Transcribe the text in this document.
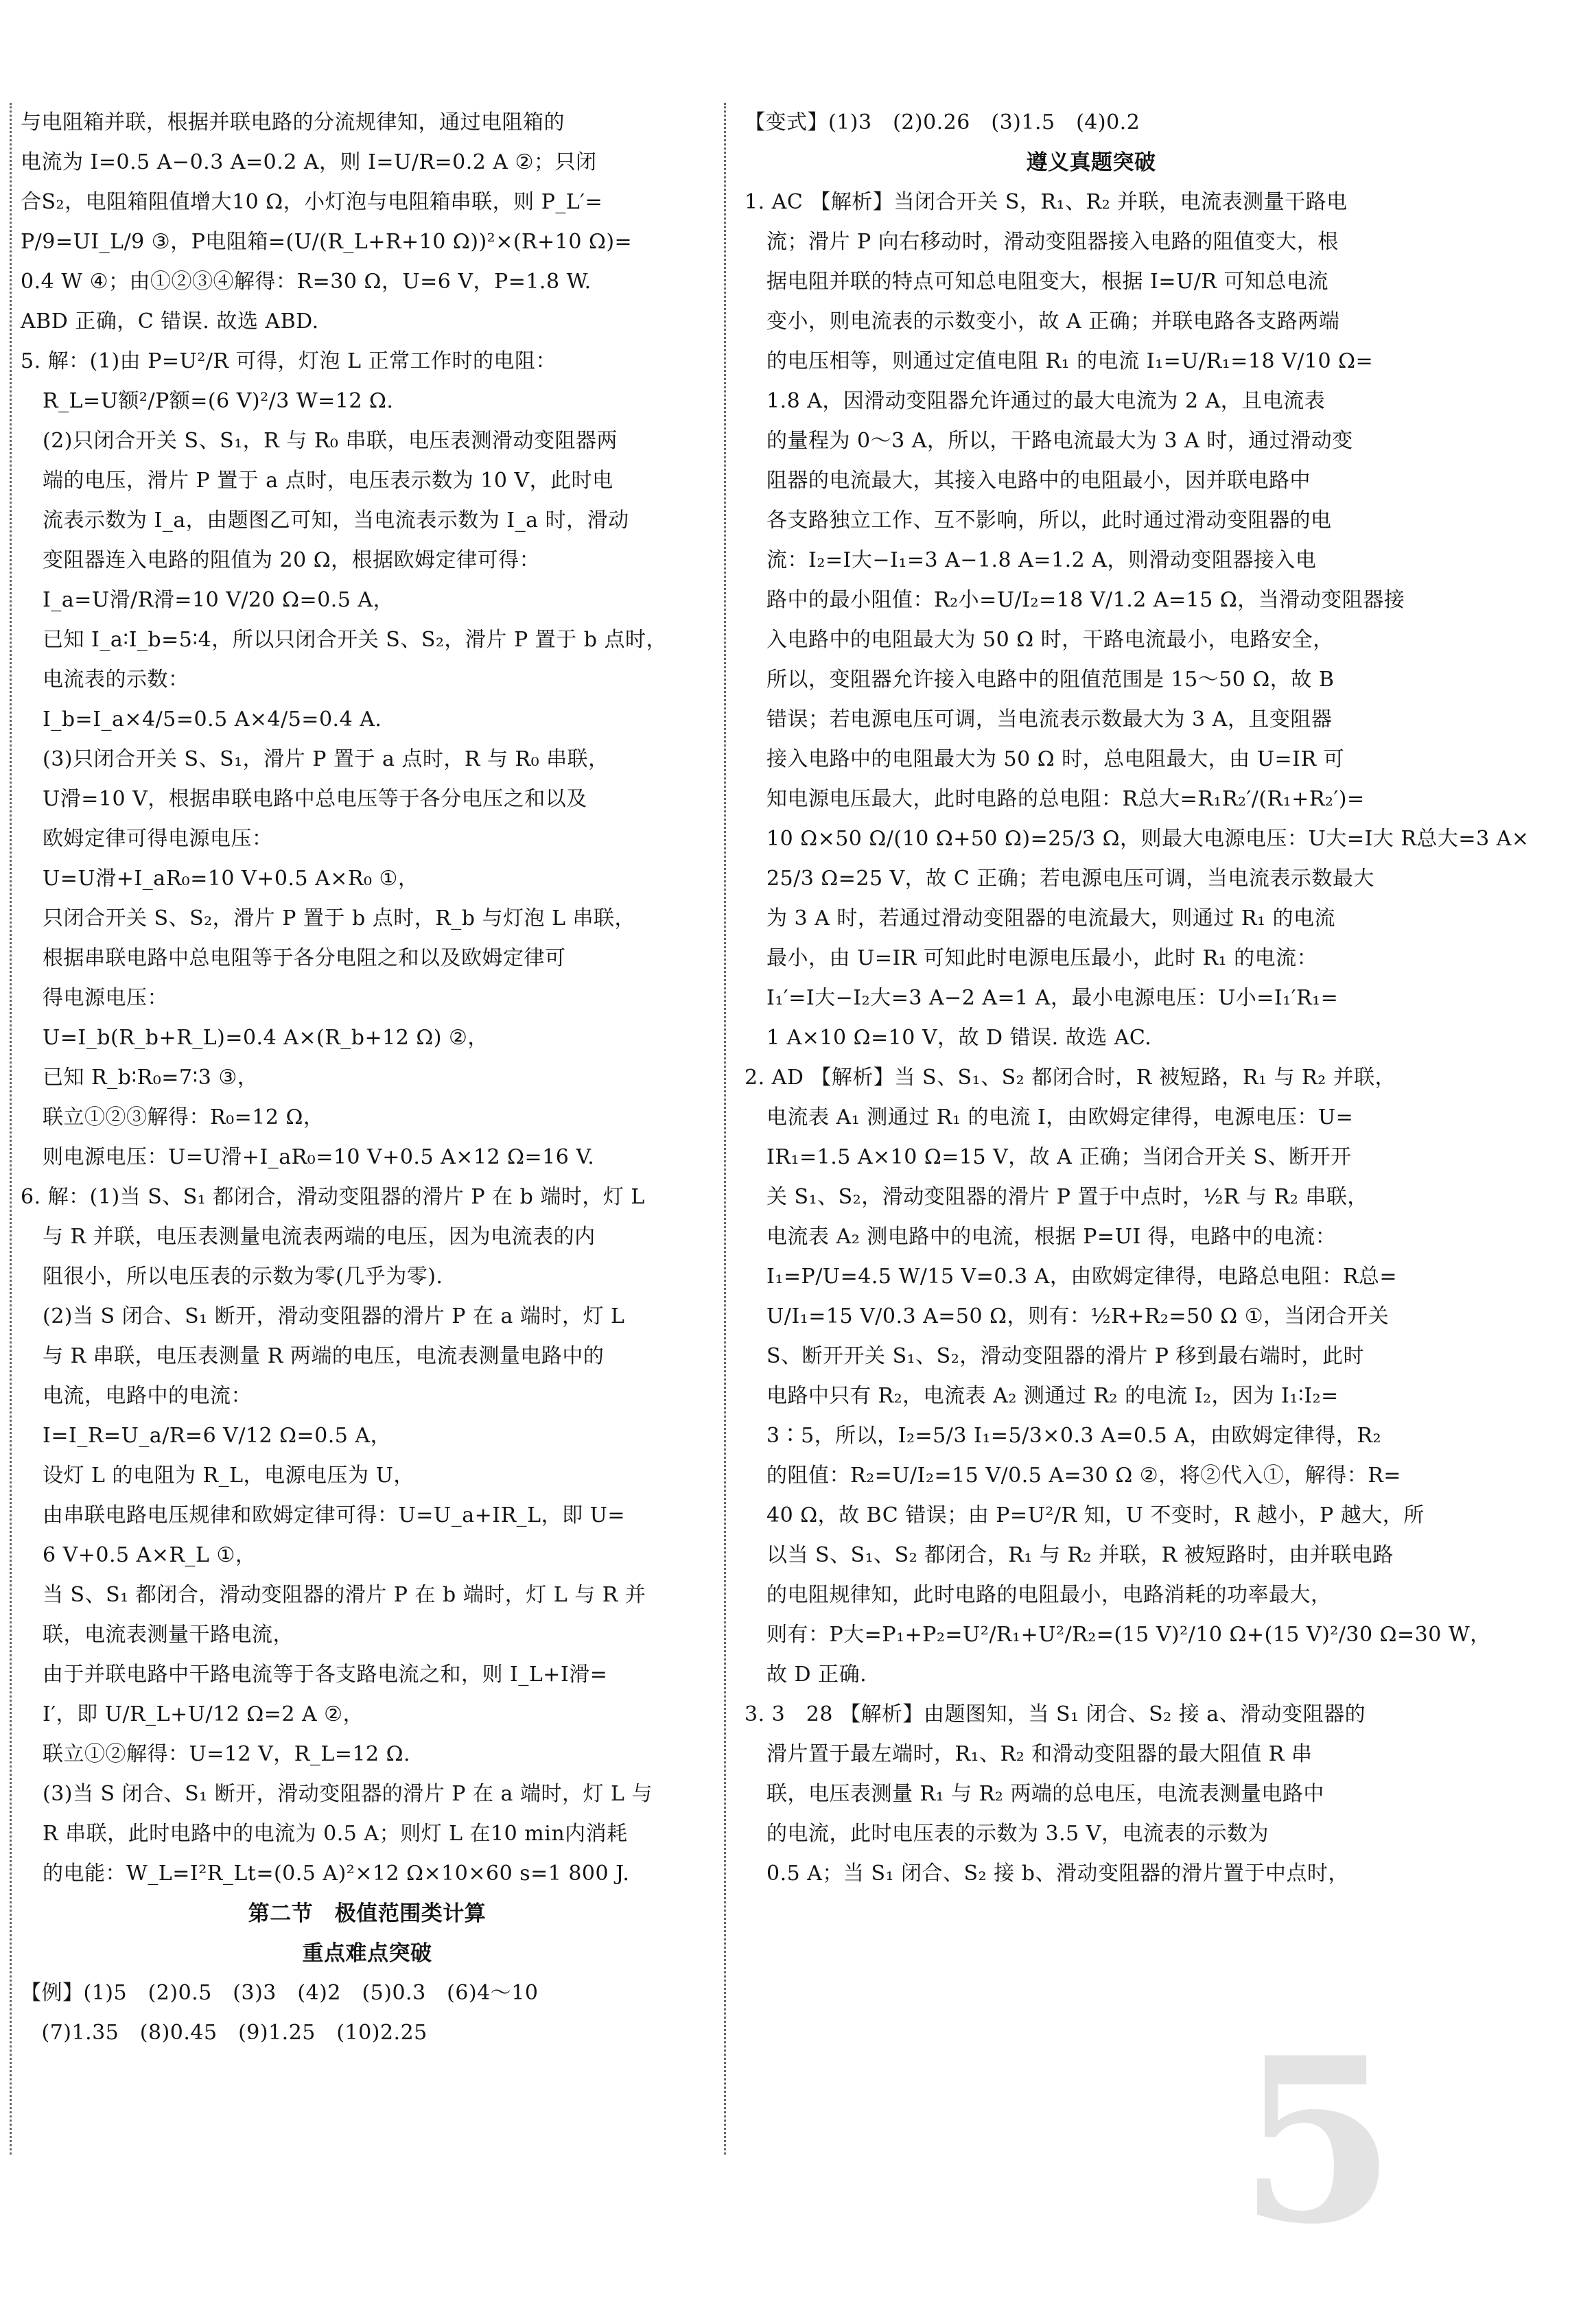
与电阻箱并联，根据并联电路的分流规律知，通过电阻箱的
电流为 I=0.5 A−0.3 A=0.2 A，则 I=U/R=0.2 A ②；只闭
合S₂，电阻箱阻值增大10 Ω，小灯泡与电阻箱串联，则 P_L′=
P/9=UI_L/9 ③，P电阻箱=(U/(R_L+R+10 Ω))²×(R+10 Ω)=
0.4 W ④；由①②③④解得：R=30 Ω，U=6 V，P=1.8 W.
ABD 正确，C 错误. 故选 ABD.
5. 解：(1)由 P=U²/R 可得，灯泡 L 正常工作时的电阻：
R_L=U额²/P额=(6 V)²/3 W=12 Ω.
(2)只闭合开关 S、S₁，R 与 R₀ 串联，电压表测滑动变阻器两
端的电压，滑片 P 置于 a 点时，电压表示数为 10 V，此时电
流表示数为 I_a，由题图乙可知，当电流表示数为 I_a 时，滑动
变阻器连入电路的阻值为 20 Ω，根据欧姆定律可得：
I_a=U滑/R滑=10 V/20 Ω=0.5 A，
已知 I_a∶I_b=5∶4，所以只闭合开关 S、S₂，滑片 P 置于 b 点时，
电流表的示数：
I_b=I_a×4/5=0.5 A×4/5=0.4 A.
(3)只闭合开关 S、S₁，滑片 P 置于 a 点时，R 与 R₀ 串联，
U滑=10 V，根据串联电路中总电压等于各分电压之和以及
欧姆定律可得电源电压：
U=U滑+I_aR₀=10 V+0.5 A×R₀ ①，
只闭合开关 S、S₂，滑片 P 置于 b 点时，R_b 与灯泡 L 串联，
根据串联电路中总电阻等于各分电阻之和以及欧姆定律可
得电源电压：
U=I_b(R_b+R_L)=0.4 A×(R_b+12 Ω) ②，
已知 R_b∶R₀=7∶3 ③，
联立①②③解得：R₀=12 Ω，
则电源电压：U=U滑+I_aR₀=10 V+0.5 A×12 Ω=16 V.
6. 解：(1)当 S、S₁ 都闭合，滑动变阻器的滑片 P 在 b 端时，灯 L
与 R 并联，电压表测量电流表两端的电压，因为电流表的内
阻很小，所以电压表的示数为零(几乎为零).
(2)当 S 闭合、S₁ 断开，滑动变阻器的滑片 P 在 a 端时，灯 L
与 R 串联，电压表测量 R 两端的电压，电流表测量电路中的
电流，电路中的电流：
I=I_R=U_a/R=6 V/12 Ω=0.5 A，
设灯 L 的电阻为 R_L，电源电压为 U，
由串联电路电压规律和欧姆定律可得：U=U_a+IR_L，即 U=
6 V+0.5 A×R_L ①，
当 S、S₁ 都闭合，滑动变阻器的滑片 P 在 b 端时，灯 L 与 R 并
联，电流表测量干路电流，
由于并联电路中干路电流等于各支路电流之和，则 I_L+I滑=
I′，即 U/R_L+U/12 Ω=2 A ②，
联立①②解得：U=12 V，R_L=12 Ω.
(3)当 S 闭合、S₁ 断开，滑动变阻器的滑片 P 在 a 端时，灯 L 与
R 串联，此时电路中的电流为 0.5 A；则灯 L 在10 min内消耗
的电能：W_L=I²R_Lt=(0.5 A)²×12 Ω×10×60 s=1 800 J.
第二节　极值范围类计算
重点难点突破
【例】(1)5　(2)0.5　(3)3　(4)2　(5)0.3　(6)4～10
　(7)1.35　(8)0.45　(9)1.25　(10)2.25
【变式】(1)3　(2)0.26　(3)1.5　(4)0.2
遵义真题突破
1. AC 【解析】当闭合开关 S，R₁、R₂ 并联，电流表测量干路电
流；滑片 P 向右移动时，滑动变阻器接入电路的阻值变大，根
据电阻并联的特点可知总电阻变大，根据 I=U/R 可知总电流
变小，则电流表的示数变小，故 A 正确；并联电路各支路两端
的电压相等，则通过定值电阻 R₁ 的电流 I₁=U/R₁=18 V/10 Ω=
1.8 A，因滑动变阻器允许通过的最大电流为 2 A，且电流表
的量程为 0～3 A，所以，干路电流最大为 3 A 时，通过滑动变
阻器的电流最大，其接入电路中的电阻最小，因并联电路中
各支路独立工作、互不影响，所以，此时通过滑动变阻器的电
流：I₂=I大−I₁=3 A−1.8 A=1.2 A，则滑动变阻器接入电
路中的最小阻值：R₂小=U/I₂=18 V/1.2 A=15 Ω，当滑动变阻器接
入电路中的电阻最大为 50 Ω 时，干路电流最小，电路安全，
所以，变阻器允许接入电路中的阻值范围是 15～50 Ω，故 B
错误；若电源电压可调，当电流表示数最大为 3 A，且变阻器
接入电路中的电阻最大为 50 Ω 时，总电阻最大，由 U=IR 可
知电源电压最大，此时电路的总电阻：R总大=R₁R₂′/(R₁+R₂′)=
10 Ω×50 Ω/(10 Ω+50 Ω)=25/3 Ω，则最大电源电压：U大=I大 R总大=3 A×
25/3 Ω=25 V，故 C 正确；若电源电压可调，当电流表示数最大
为 3 A 时，若通过滑动变阻器的电流最大，则通过 R₁ 的电流
最小，由 U=IR 可知此时电源电压最小，此时 R₁ 的电流：
I₁′=I大−I₂大=3 A−2 A=1 A，最小电源电压：U小=I₁′R₁=
1 A×10 Ω=10 V，故 D 错误. 故选 AC.
2. AD 【解析】当 S、S₁、S₂ 都闭合时，R 被短路，R₁ 与 R₂ 并联，
电流表 A₁ 测通过 R₁ 的电流 I，由欧姆定律得，电源电压：U=
IR₁=1.5 A×10 Ω=15 V，故 A 正确；当闭合开关 S、断开开
关 S₁、S₂，滑动变阻器的滑片 P 置于中点时，½R 与 R₂ 串联，
电流表 A₂ 测电路中的电流，根据 P=UI 得，电路中的电流：
I₁=P/U=4.5 W/15 V=0.3 A，由欧姆定律得，电路总电阻：R总=
U/I₁=15 V/0.3 A=50 Ω，则有：½R+R₂=50 Ω ①，当闭合开关
S、断开开关 S₁、S₂，滑动变阻器的滑片 P 移到最右端时，此时
电路中只有 R₂，电流表 A₂ 测通过 R₂ 的电流 I₂，因为 I₁∶I₂=
3∶5，所以，I₂=5/3 I₁=5/3×0.3 A=0.5 A，由欧姆定律得，R₂
的阻值：R₂=U/I₂=15 V/0.5 A=30 Ω ②，将②代入①，解得：R=
40 Ω，故 BC 错误；由 P=U²/R 知，U 不变时，R 越小，P 越大，所
以当 S、S₁、S₂ 都闭合，R₁ 与 R₂ 并联，R 被短路时，由并联电路
的电阻规律知，此时电路的电阻最小，电路消耗的功率最大，
则有：P大=P₁+P₂=U²/R₁+U²/R₂=(15 V)²/10 Ω+(15 V)²/30 Ω=30 W，
故 D 正确.
3. 3　28 【解析】由题图知，当 S₁ 闭合、S₂ 接 a、滑动变阻器的
滑片置于最左端时，R₁、R₂ 和滑动变阻器的最大阻值 R 串
联，电压表测量 R₁ 与 R₂ 两端的总电压，电流表测量电路中
的电流，此时电压表的示数为 3.5 V，电流表的示数为
0.5 A；当 S₁ 闭合、S₂ 接 b、滑动变阻器的滑片置于中点时，
5
